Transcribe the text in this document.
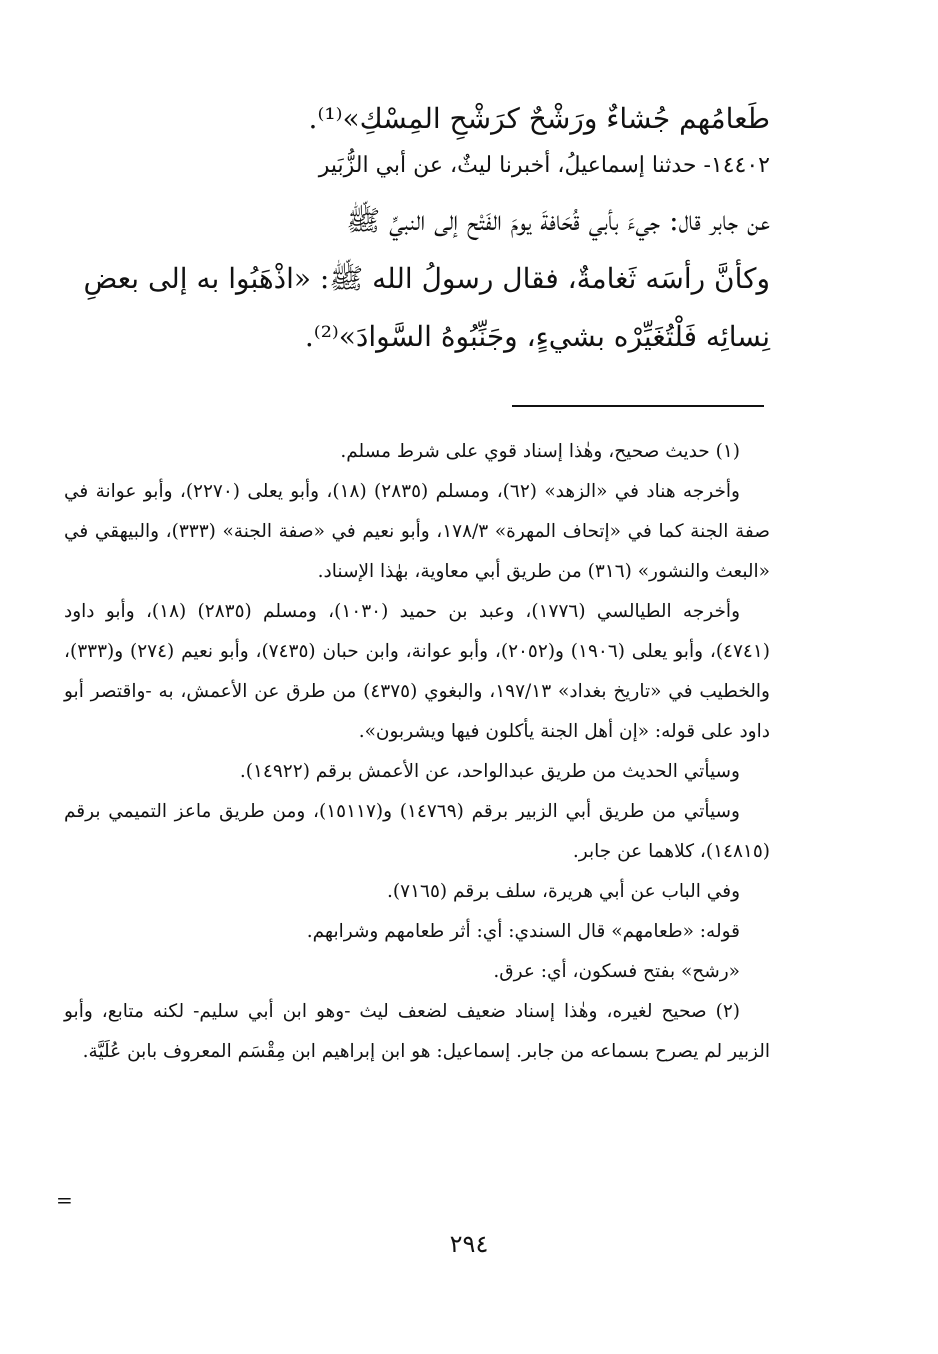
طَعامُهم جُشاءٌ ورَشْحٌ كرَشْحِ المِسْكِ»⁽¹⁾.

١٤٤٠٢- حدثنا إسماعيلُ، أخبرنا ليثٌ، عن أبي الزُّبَير

عن جابر قال: جيءَ بأبي قُحَافةَ يومَ الفَتْح إلى النبيِّ ﷺ

وكأنَّ رأسَه ثَغامةٌ، فقال رسولُ الله ﷺ: «اذْهَبُوا به إلى بعضِ

نِسائِه فَلْتُغَيِّرْه بشيءٍ، وجَنِّبُوهُ السَّوادَ»⁽²⁾.

(١) حديث صحيح، وهٰذا إسناد قوي على شرط مسلم.

وأخرجه هناد في «الزهد» (٦٢)، ومسلم (٢٨٣٥) (١٨)، وأبو يعلى (٢٢٧٠)، وأبو عوانة في صفة الجنة كما في «إتحاف المهرة» ١٧٨/٣، وأبو نعيم في «صفة الجنة» (٣٣٣)، والبيهقي في «البعث والنشور» (٣١٦) من طريق أبي معاوية، بهٰذا الإسناد.

وأخرجه الطيالسي (١٧٧٦)، وعبد بن حميد (١٠٣٠)، ومسلم (٢٨٣٥) (١٨)، وأبو داود (٤٧٤١)، وأبو يعلى (١٩٠٦) و(٢٠٥٢)، وأبو عوانة، وابن حبان (٧٤٣٥)، وأبو نعيم (٢٧٤) و(٣٣٣)، والخطيب في «تاريخ بغداد» ١٩٧/١٣، والبغوي (٤٣٧٥) من طرق عن الأعمش، به -واقتصر أبو داود على قوله: «إن أهل الجنة يأكلون فيها ويشربون».

وسيأتي الحديث من طريق عبدالواحد، عن الأعمش برقم (١٤٩٢٢).

وسيأتي من طريق أبي الزبير برقم (١٤٧٦٩) و(١٥١١٧)، ومن طريق ماعز التميمي برقم (١٤٨١٥)، كلاهما عن جابر.

وفي الباب عن أبي هريرة، سلف برقم (٧١٦٥).

قوله: «طعامهم» قال السندي: أي: أثر طعامهم وشرابهم.

«رشح» بفتح فسكون، أي: عرق.

(٢) صحيح لغيره، وهٰذا إسناد ضعيف لضعف ليث -وهو ابن أبي سليم- لكنه متابع، وأبو الزبير لم يصرح بسماعه من جابر. إسماعيل: هو ابن إبراهيم ابن مِقْسَم المعروف بابن عُلَيَّة.

=
٢٩٤
